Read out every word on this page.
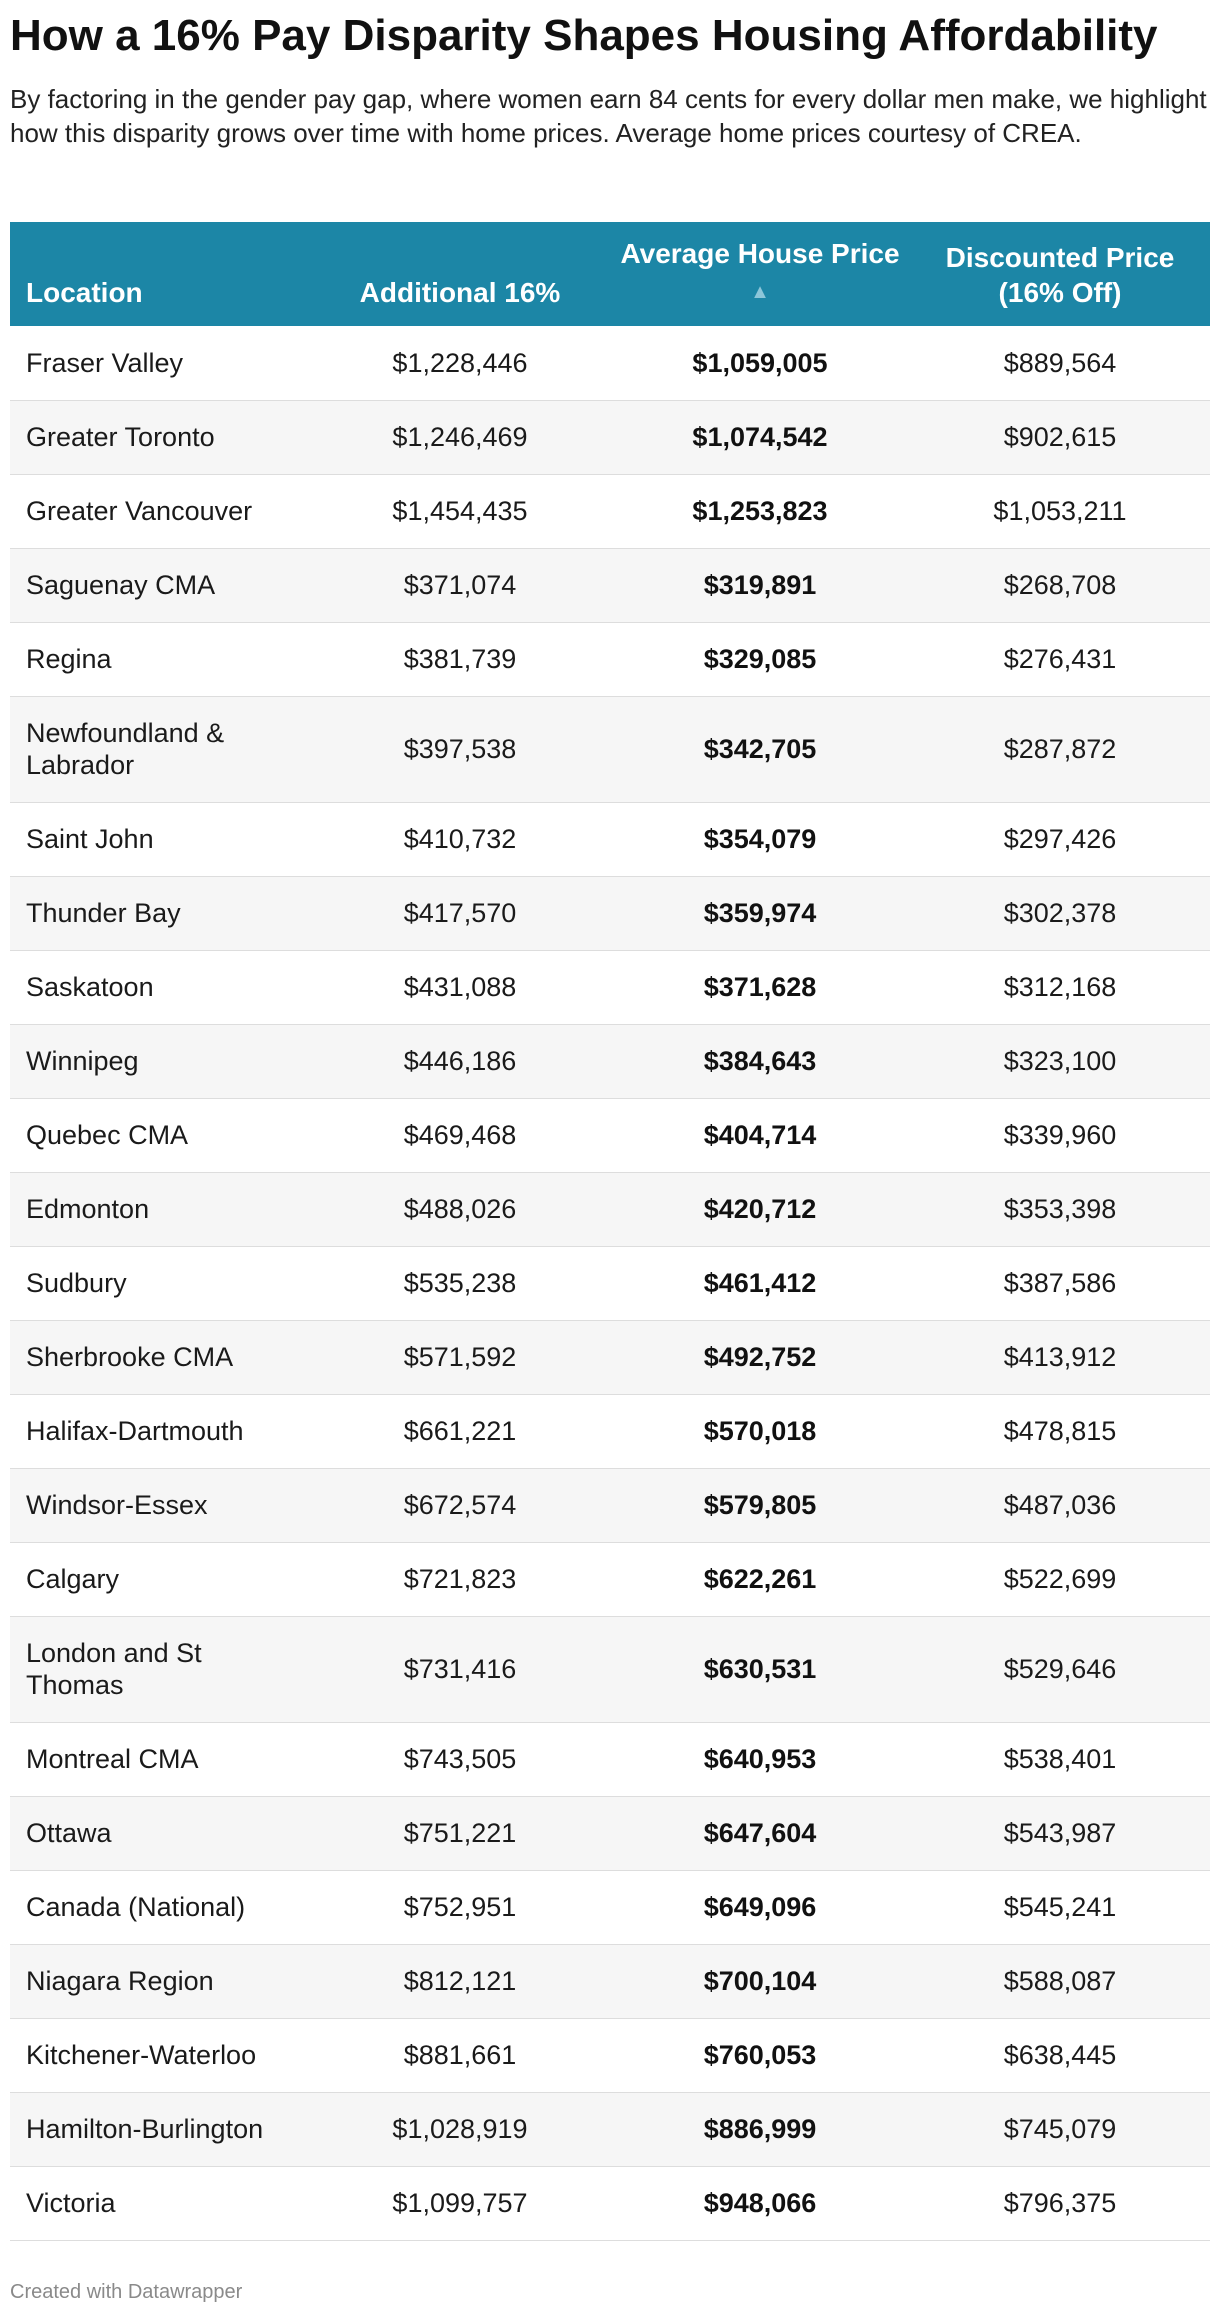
How a 16% Pay Disparity Shapes Housing Affordability
By factoring in the gender pay gap, where women earn 84 cents for every dollar men make, we highlight how this disparity grows over time with home prices. Average home prices courtesy of CREA.
Location	Additional 16%	Average House Price ▲	Discounted Price (16% Off)
Fraser Valley	$1,228,446	$1,059,005	$889,564
Greater Toronto	$1,246,469	$1,074,542	$902,615
Greater Vancouver	$1,454,435	$1,253,823	$1,053,211
Saguenay CMA	$371,074	$319,891	$268,708
Regina	$381,739	$329,085	$276,431
Newfoundland & Labrador	$397,538	$342,705	$287,872
Saint John	$410,732	$354,079	$297,426
Thunder Bay	$417,570	$359,974	$302,378
Saskatoon	$431,088	$371,628	$312,168
Winnipeg	$446,186	$384,643	$323,100
Quebec CMA	$469,468	$404,714	$339,960
Edmonton	$488,026	$420,712	$353,398
Sudbury	$535,238	$461,412	$387,586
Sherbrooke CMA	$571,592	$492,752	$413,912
Halifax-Dartmouth	$661,221	$570,018	$478,815
Windsor-Essex	$672,574	$579,805	$487,036
Calgary	$721,823	$622,261	$522,699
London and St Thomas	$731,416	$630,531	$529,646
Montreal CMA	$743,505	$640,953	$538,401
Ottawa	$751,221	$647,604	$543,987
Canada (National)	$752,951	$649,096	$545,241
Niagara Region	$812,121	$700,104	$588,087
Kitchener-Waterloo	$881,661	$760,053	$638,445
Hamilton-Burlington	$1,028,919	$886,999	$745,079
Victoria	$1,099,757	$948,066	$796,375
Created with Datawrapper
